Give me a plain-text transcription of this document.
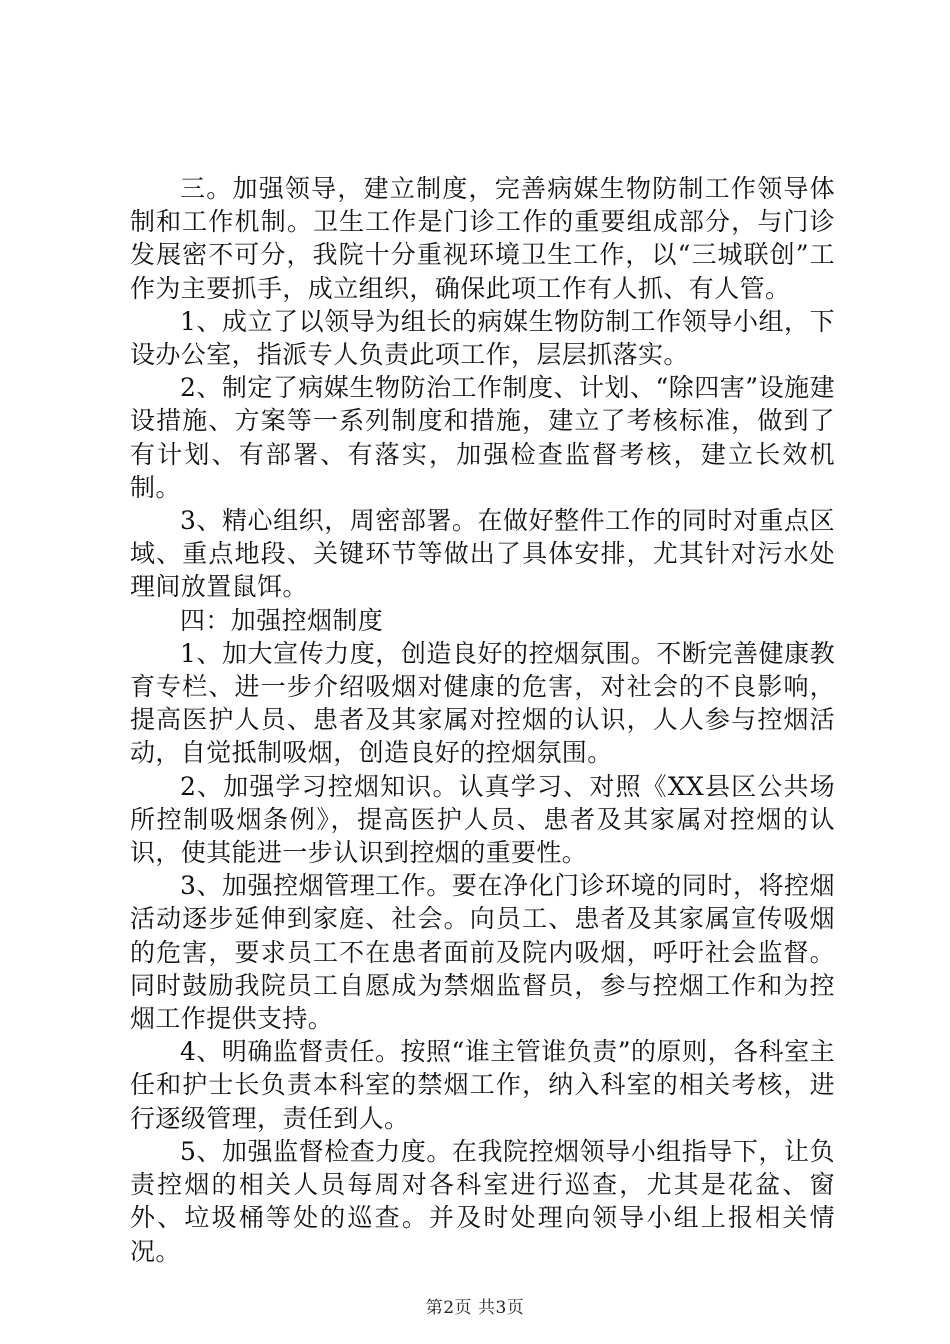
三。加强领导，建立制度，完善病媒生物防制工作领导体制和工作机制。卫生工作是门诊工作的重要组成部分，与门诊发展密不可分，我院十分重视环境卫生工作，以“三城联创”工作为主要抓手，成立组织，确保此项工作有人抓、有人管。

1、成立了以领导为组长的病媒生物防制工作领导小组，下设办公室，指派专人负责此项工作，层层抓落实。

2、制定了病媒生物防治工作制度、计划、“除四害”设施建设措施、方案等一系列制度和措施，建立了考核标准，做到了有计划、有部署、有落实，加强检查监督考核，建立长效机制。

3、精心组织，周密部署。在做好整件工作的同时对重点区域、重点地段、关键环节等做出了具体安排，尤其针对污水处理间放置鼠饵。

四：加强控烟制度

1、加大宣传力度，创造良好的控烟氛围。不断完善健康教育专栏、进一步介绍吸烟对健康的危害，对社会的不良影响，提高医护人员、患者及其家属对控烟的认识，人人参与控烟活动，自觉抵制吸烟，创造良好的控烟氛围。

2、加强学习控烟知识。认真学习、对照《XX县区公共场所控制吸烟条例》，提高医护人员、患者及其家属对控烟的认识，使其能进一步认识到控烟的重要性。

3、加强控烟管理工作。要在净化门诊环境的同时，将控烟活动逐步延伸到家庭、社会。向员工、患者及其家属宣传吸烟的危害，要求员工不在患者面前及院内吸烟，呼吁社会监督。同时鼓励我院员工自愿成为禁烟监督员，参与控烟工作和为控烟工作提供支持。

4、明确监督责任。按照“谁主管谁负责”的原则，各科室主任和护士长负责本科室的禁烟工作，纳入科室的相关考核，进行逐级管理，责任到人。

5、加强监督检查力度。在我院控烟领导小组指导下，让负责控烟的相关人员每周对各科室进行巡查，尤其是花盆、窗外、垃圾桶等处的巡查。并及时处理向领导小组上报相关情况。

第2页 共3页
